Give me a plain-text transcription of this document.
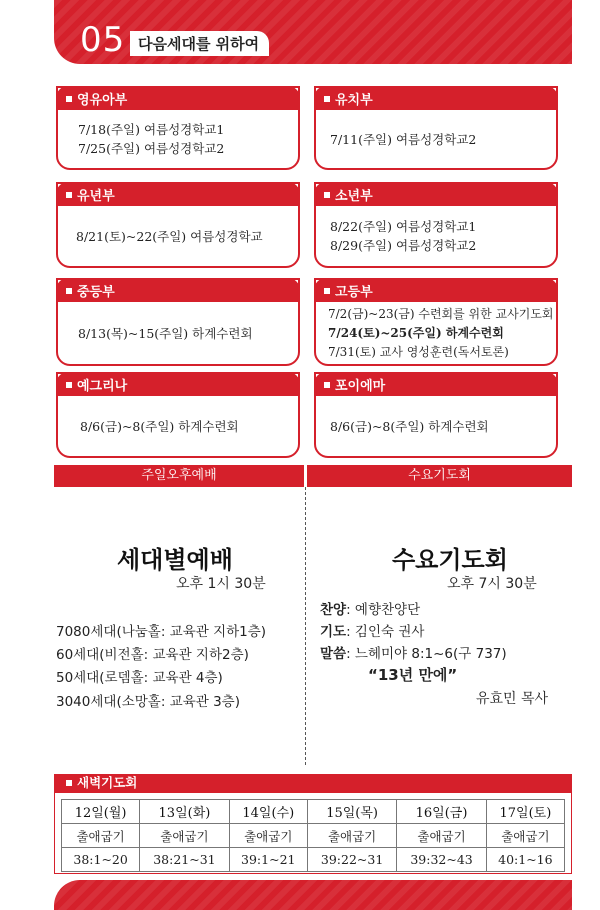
05 다음세대를 위하여
영유아부
7/18(주일) 여름성경학교1
7/25(주일) 여름성경학교2
유치부
7/11(주일) 여름성경학교2
유년부
8/21(토)~22(주일) 여름성경학교
소년부
8/22(주일) 여름성경학교1
8/29(주일) 여름성경학교2
중등부
8/13(목)~15(주일) 하계수련회
고등부
7/2(금)~23(금) 수련회를 위한 교사기도회
7/24(토)~25(주일) 하계수련회
7/31(토) 교사 영성훈련(독서토론)
예그리나
8/6(금)~8(주일) 하계수련회
포이에마
8/6(금)~8(주일) 하계수련회
주일오후예배	수요기도회
세대별예배
오후 1시 30분
7080세대(나눔홀: 교육관 지하1층)
60세대(비전홀: 교육관 지하2층)
50세대(로뎀홀: 교육관 4층)
3040세대(소망홀: 교육관 3층)
수요기도회
오후 7시 30분
찬양: 예향찬양단
기도: 김인숙 권사
말씀: 느헤미야 8:1~6(구 737)
“13년 만에”
유효민 목사
새벽기도회
12일(월)	13일(화)	14일(수)	15일(목)	16일(금)	17일(토)
출애굽기	출애굽기	출애굽기	출애굽기	출애굽기	출애굽기
38:1~20	38:21~31	39:1~21	39:22~31	39:32~43	40:1~16
